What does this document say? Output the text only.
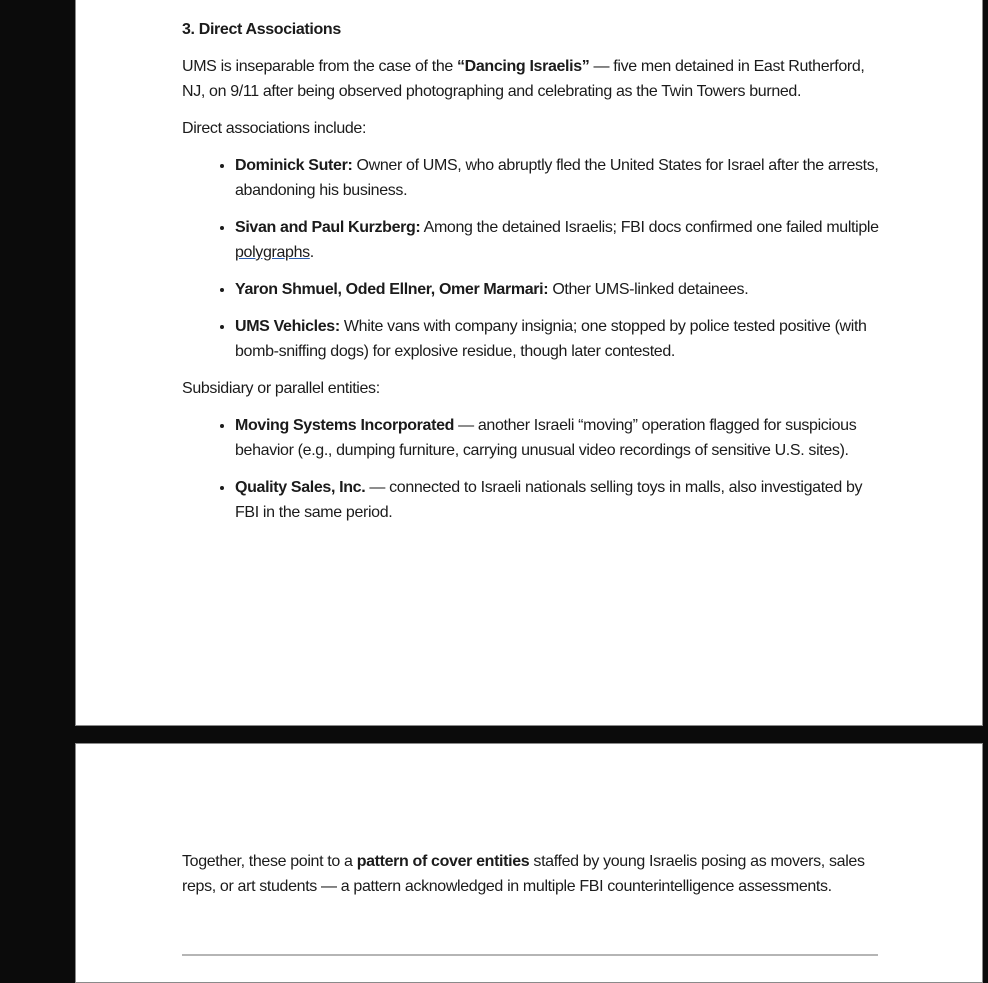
3. Direct Associations

UMS is inseparable from the case of the “Dancing Israelis” — five men detained in East Rutherford, NJ, on 9/11 after being observed photographing and celebrating as the Twin Towers burned.

Direct associations include:

• Dominick Suter: Owner of UMS, who abruptly fled the United States for Israel after the arrests, abandoning his business.
• Sivan and Paul Kurzberg: Among the detained Israelis; FBI docs confirmed one failed multiple polygraphs.
• Yaron Shmuel, Oded Ellner, Omer Marmari: Other UMS-linked detainees.
• UMS Vehicles: White vans with company insignia; one stopped by police tested positive (with bomb-sniffing dogs) for explosive residue, though later contested.

Subsidiary or parallel entities:

• Moving Systems Incorporated — another Israeli “moving” operation flagged for suspicious behavior (e.g., dumping furniture, carrying unusual video recordings of sensitive U.S. sites).
• Quality Sales, Inc. — connected to Israeli nationals selling toys in malls, also investigated by FBI in the same period.

Together, these point to a pattern of cover entities staffed by young Israelis posing as movers, sales reps, or art students — a pattern acknowledged in multiple FBI counterintelligence assessments.
